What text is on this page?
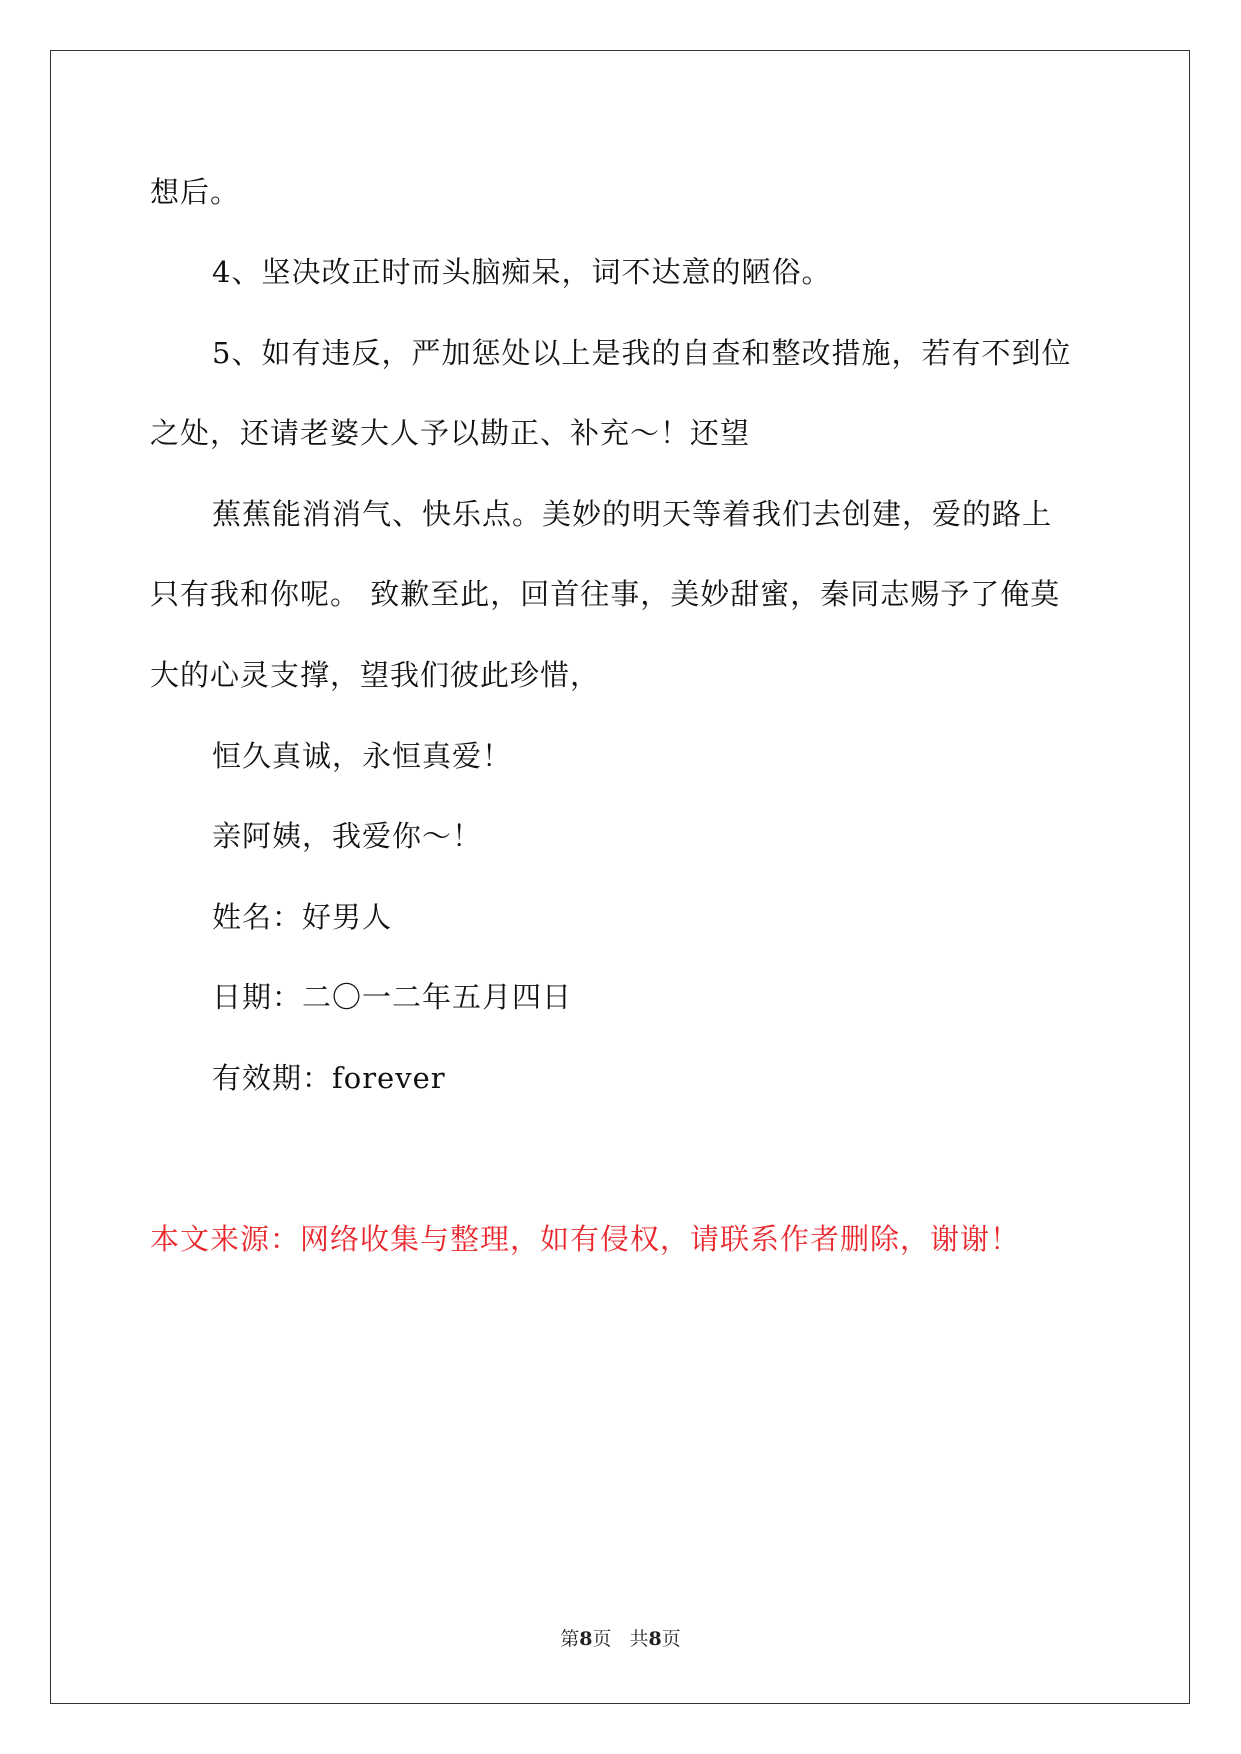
想后。
4、坚决改正时而头脑痴呆，词不达意的陋俗。
5、如有违反，严加惩处以上是我的自查和整改措施，若有不到位
之处，还请老婆大人予以勘正、补充～！还望
蕉蕉能消消气、快乐点。美妙的明天等着我们去创建，爱的路上
只有我和你呢。 致歉至此，回首往事，美妙甜蜜，秦同志赐予了俺莫
大的心灵支撑，望我们彼此珍惜，
恒久真诚，永恒真爱！
亲阿姨，我爱你～！
姓名：好男人
日期：二〇一二年五月四日
有效期：forever
本文来源：网络收集与整理，如有侵权，请联系作者删除，谢谢！
第8页 共8页
